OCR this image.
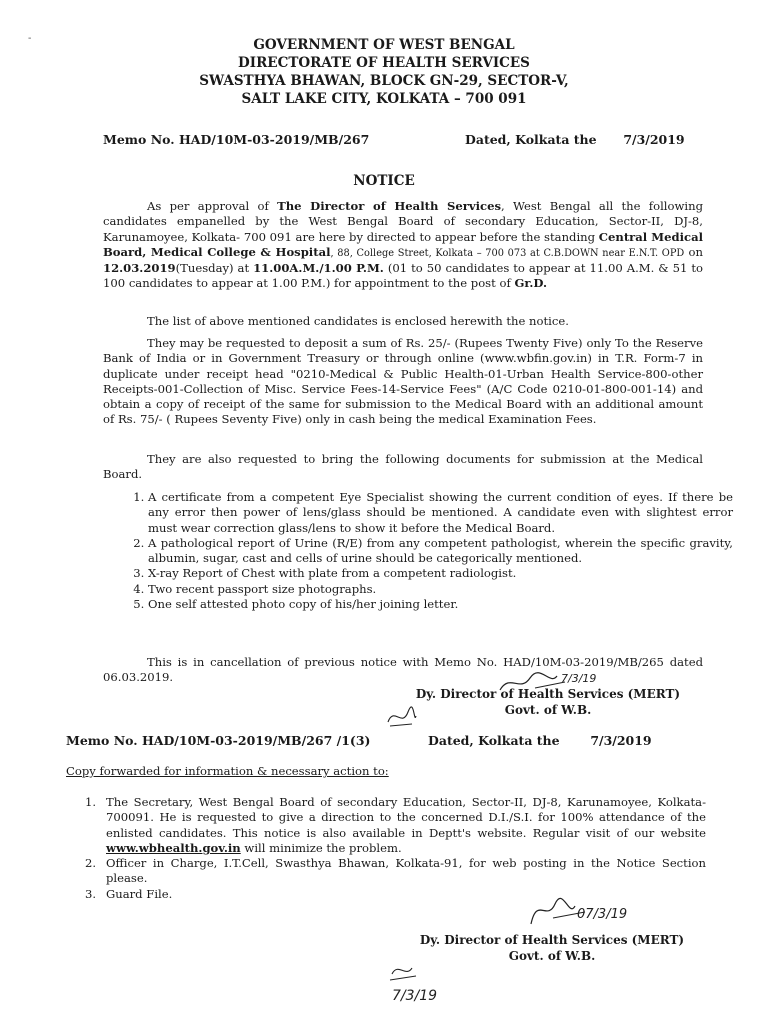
-	GOVERNMENT OF WEST BENGAL
DIRECTORATE OF HEALTH SERVICES
SWASTHYA BHAWAN, BLOCK GN-29, SECTOR-V,
SALT LAKE CITY, KOLKATA – 700 091
Memo No. HAD/10M-03-2019/MB/267	Dated, Kolkata the 7/3/2019
NOTICE
As per approval of The Director of Health Services, West Bengal all the following candidates empanelled by the West Bengal Board of secondary Education, Sector-II, DJ-8, Karunamoyee, Kolkata- 700 091 are here by directed to appear before the standing Central Medical Board, Medical College & Hospital, 88, College Street, Kolkata – 700 073 at C.B.DOWN near E.N.T. OPD on 12.03.2019(Tuesday) at 11.00A.M./1.00 P.M. (01 to 50 candidates to appear at 11.00 A.M. & 51 to 100 candidates to appear at 1.00 P.M.) for appointment to the post of Gr.D.
The list of above mentioned candidates is enclosed herewith the notice.
They may be requested to deposit a sum of Rs. 25/- (Rupees Twenty Five) only To the Reserve Bank of India or in Government Treasury or through online (www.wbfin.gov.in) in T.R. Form-7 in duplicate under receipt head "0210-Medical & Public Health-01-Urban Health Service-800-other Receipts-001-Collection of Misc. Service Fees-14-Service Fees" (A/C Code 0210-01-800-001-14) and obtain a copy of receipt of the same for submission to the Medical Board with an additional amount of Rs. 75/- ( Rupees Seventy Five) only in cash being the medical Examination Fees.
They are also requested to bring the following documents for submission at the Medical Board.
1. A certificate from a competent Eye Specialist showing the current condition of eyes. If there be any error then power of lens/glass should be mentioned. A candidate even with slightest error must wear correction glass/lens to show it before the Medical Board.
2. A pathological report of Urine (R/E) from any competent pathologist, wherein the specific gravity, albumin, sugar, cast and cells of urine should be categorically mentioned.
3. X-ray Report of Chest with plate from a competent radiologist.
4. Two recent passport size photographs.
5. One self attested photo copy of his/her joining letter.
This is in cancellation of previous notice with Memo No. HAD/10M-03-2019/MB/265 dated 06.03.2019.	7/3/19
Dy. Director of Health Services (MERT)
Govt. of W.B.
Memo No. HAD/10M-03-2019/MB/267 /1(3)	Dated, Kolkata the 7/3/2019
Copy forwarded for information & necessary action to:
1. The Secretary, West Bengal Board of secondary Education, Sector-II, DJ-8, Karunamoyee, Kolkata-700091. He is requested to give a direction to the concerned D.I./S.I. for 100% attendance of the enlisted candidates. This notice is also available in Deptt's website. Regular visit of our website www.wbhealth.gov.in will minimize the problem.
2. Officer in Charge, I.T.Cell, Swasthya Bhawan, Kolkata-91, for web posting in the Notice Section please.
3. Guard File.
07/3/19
Dy. Director of Health Services (MERT)
Govt. of W.B.
7/3/19
